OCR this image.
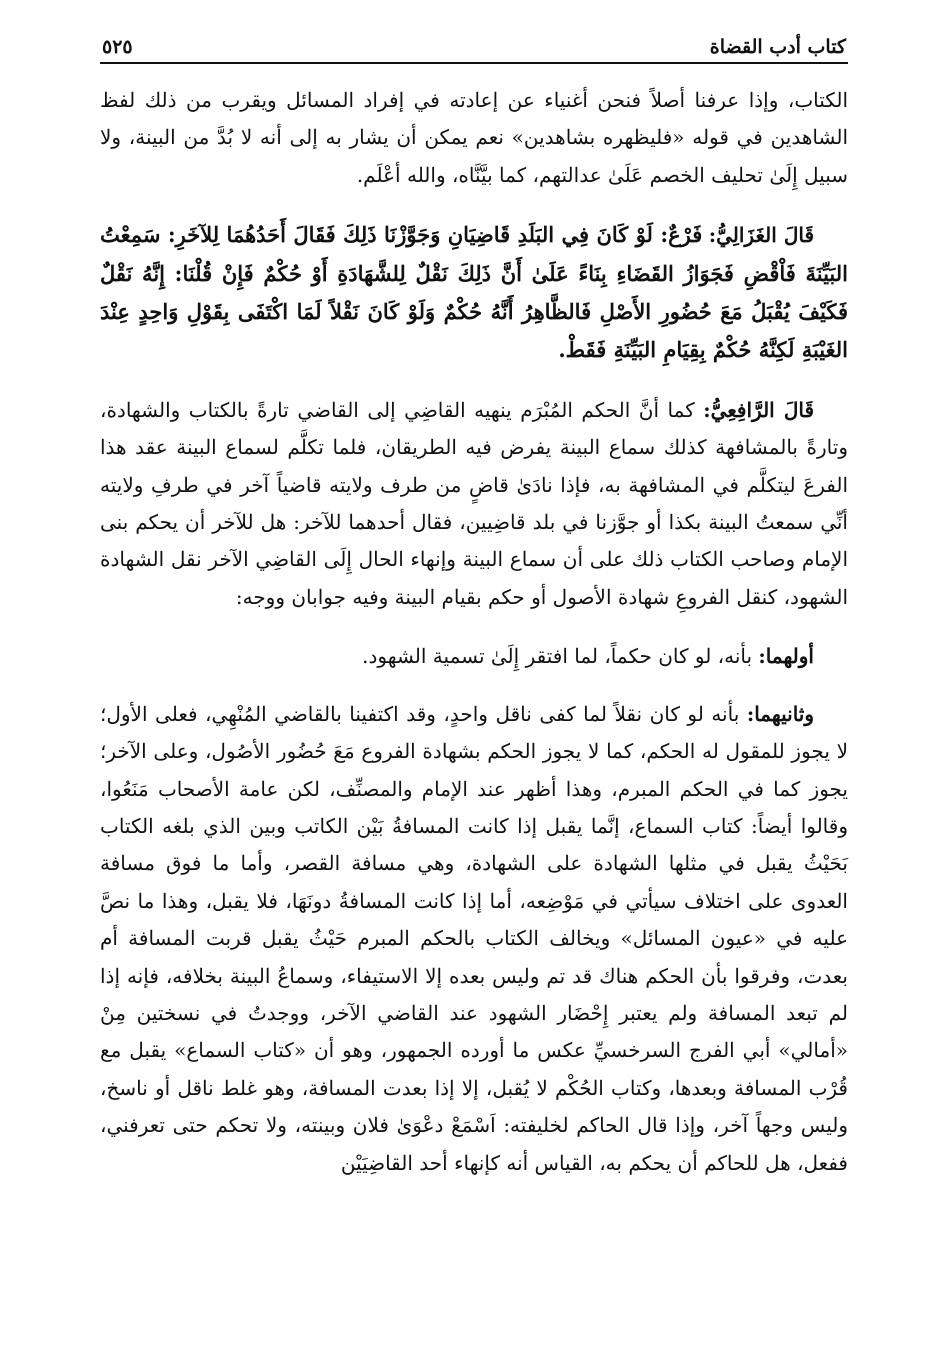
كتاب أدب القضاة
٥٢٥

الكتاب، وإذا عرفنا أصلاً فنحن أغنياء عن إعادته في إفراد المسائل ويقرب من ذلك لفظ الشاهدين في قوله «فليظهره بشاهدين» نعم يمكن أن يشار به إلى أنه لا بُدَّ من البينة، ولا سبيل إِلَىٰ تحليف الخصم عَلَىٰ عدالتهم، كما بيَّنَّاه، والله أعْلَم.

قَالَ الغَزَالِيُّ: فَرْعٌ: لَوْ كَانَ فِي البَلَدِ قَاضِيَانِ وَجَوَّزْنَا ذَلِكَ فَقَالَ أَحَدُهُمَا لِلآخَرِ: سَمِعْتُ البَيِّنَةَ فَاْقْضِ فَجَوَازُ القَضَاءِ بِنَاءً عَلَىٰ أَنَّ ذَلِكَ نَقْلٌ لِلشَّهَادَةِ أَوْ حُكْمٌ فَإِنْ قُلْنَا: إِنَّهُ نَقْلٌ فَكَيْفَ يُقْبَلُ مَعَ حُضُورِ الأَصْلِ فَالظَّاهِرُ أَنَّهُ حُكْمٌ وَلَوْ كَانَ نَقْلاً لَمَا اكْتَفَى بِقَوْلِ وَاحِدٍ عِنْدَ الغَيْبَةِ لَكِنَّهُ حُكْمٌ بِقِيَامِ البَيِّنَةِ فَقَطْ.

قَالَ الرَّافِعِيُّ: كما أنَّ الحكم المُبْرَم ينهيه القاضِي إلى القاضي تارةً بالكتاب والشهادة، وتارةً بالمشافهة كذلك سماع البينة يفرض فيه الطريقان، فلما تكلَّم لسماع البينة عقد هذا الفرعَ ليتكلَّم في المشافهة به، فإذا نادَىٰ قاضٍ من طرف ولايته قاضياً آخر في طرفِ ولايته أنِّي سمعتُ البينة بكذا أو جوَّزنا في بلد قاضِيين، فقال أحدهما للآخر: هل للآخر أن يحكم بنى الإمام وصاحب الكتاب ذلك على أن سماع البينة وإنهاء الحال إِلَى القاضِي الآخر نقل الشهادة الشهود، كنقل الفروعِ شهادة الأصول أو حكم بقيام البينة وفيه جوابان ووجه:

أولهما: بأنه، لو كان حكماً، لما افتقر إِلَىٰ تسمية الشهود.

وثانيهما: بأنه لو كان نقلاً لما كفى ناقل واحدٍ، وقد اكتفينا بالقاضي المُنْهِي، فعلى الأول؛ لا يجوز للمقول له الحكم، كما لا يجوز الحكم بشهادة الفروع مَعَ حُضُور الأصُول، وعلى الآخر؛ يجوز كما في الحكم المبرم، وهذا أظهر عند الإمام والمصنِّف، لكن عامة الأصحاب مَنَعُوا، وقالوا أيضاً: كتاب السماع، إنَّما يقبل إذا كانت المسافةُ بَيْن الكاتب وبين الذي بلغه الكتاب بَحَيْثُ يقبل في مثلها الشهادة على الشهادة، وهي مسافة القصر، وأما ما فوق مسافة العدوى على اختلاف سيأتي في مَوْضِعه، أما إذا كانت المسافةُ دونَهَا، فلا يقبل، وهذا ما نصَّ عليه في «عيون المسائل» ويخالف الكتاب بالحكم المبرم حَيْثُ يقبل قربت المسافة أم بعدت، وفرقوا بأن الحكم هناك قد تم وليس بعده إلا الاستيفاء، وسماعُ البينة بخلافه، فإنه إذا لم تبعد المسافة ولم يعتبر إِحْضَار الشهود عند القاضي الآخر، ووجدتُ في نسختين مِنْ «أمالي» أبي الفرج السرخسيِّ عكس ما أورده الجمهور، وهو أن «كتاب السماع» يقبل مع قُرْب المسافة وبعدها، وكتاب الحُكْم لا يُقبل، إلا إذا بعدت المسافة، وهو غلط ناقل أو ناسخ، وليس وجهاً آخر، وإذا قال الحاكم لخليفته: اَسْمَعْ دعْوَىٰ فلان وبينته، ولا تحكم حتى تعرفني، ففعل، هل للحاكم أن يحكم به، القياس أنه كإنهاء أحد القاضِيَيْن
